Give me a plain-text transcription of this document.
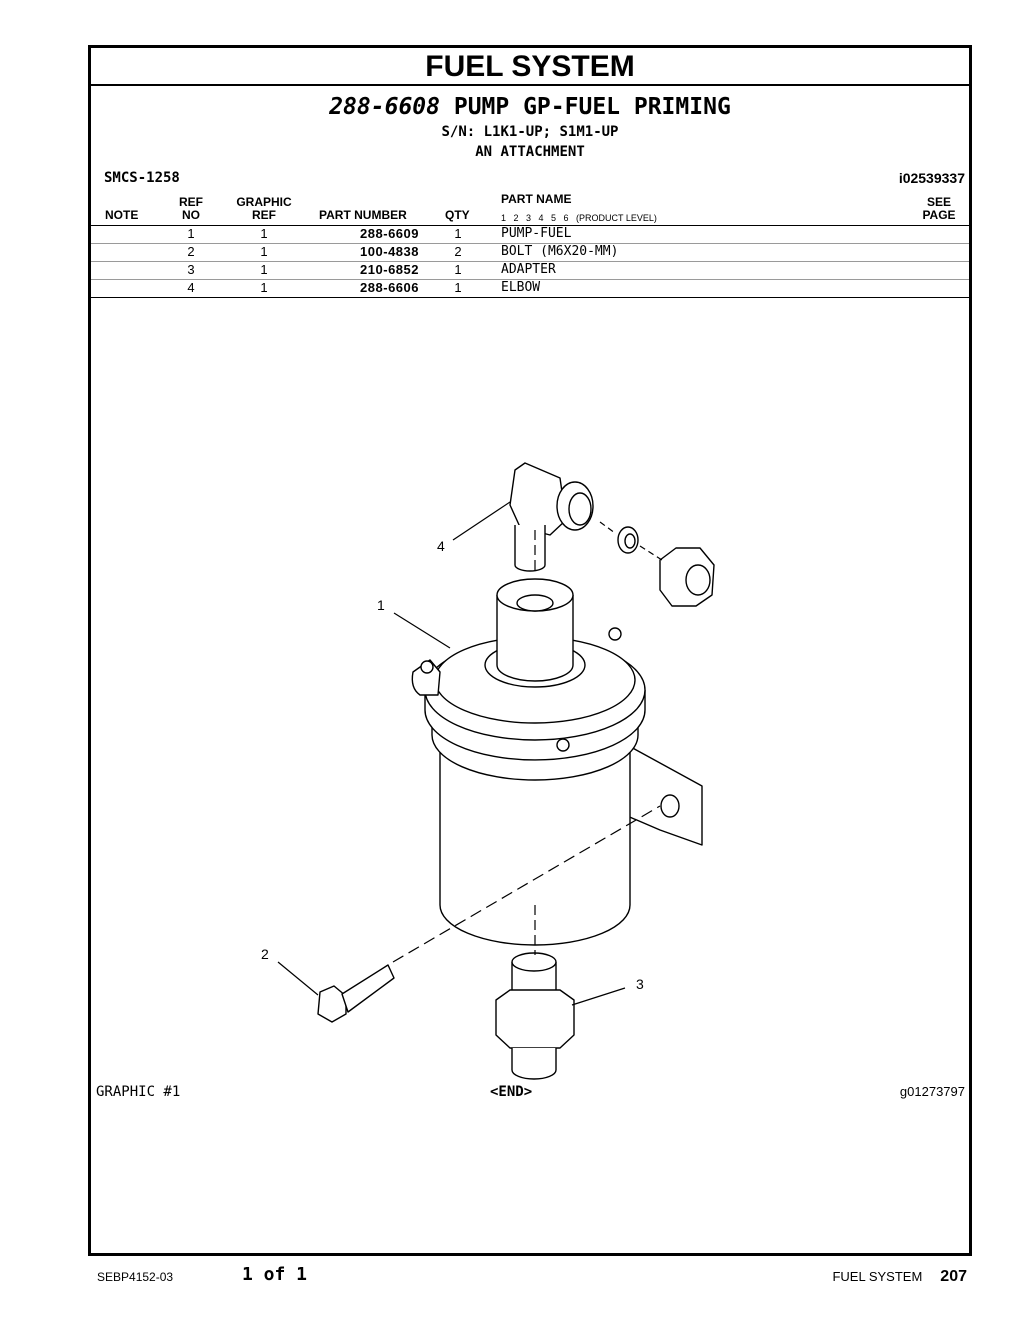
4
1
2
3
FUEL SYSTEM
288-6608 PUMP GP-FUEL PRIMING
S/N: L1K1-UP; S1M1-UP
AN ATTACHMENT
SMCS-1258	i02539337
NOTE
REF
NO
GRAPHIC
REF	PART NUMBER	QTY
PART NAME
1   2   3   4   5   6   (PRODUCT LEVEL)
SEE
PAGE
1	1	288-6609	1	PUMP-FUEL
2	1	100-4838	2	BOLT (M6X20-MM)
3	1	210-6852	1	ADAPTER
4	1	288-6606	1	ELBOW
GRAPHIC #1	<END>	g01273797
SEBP4152-03	1 of 1	FUEL SYSTEM 207
